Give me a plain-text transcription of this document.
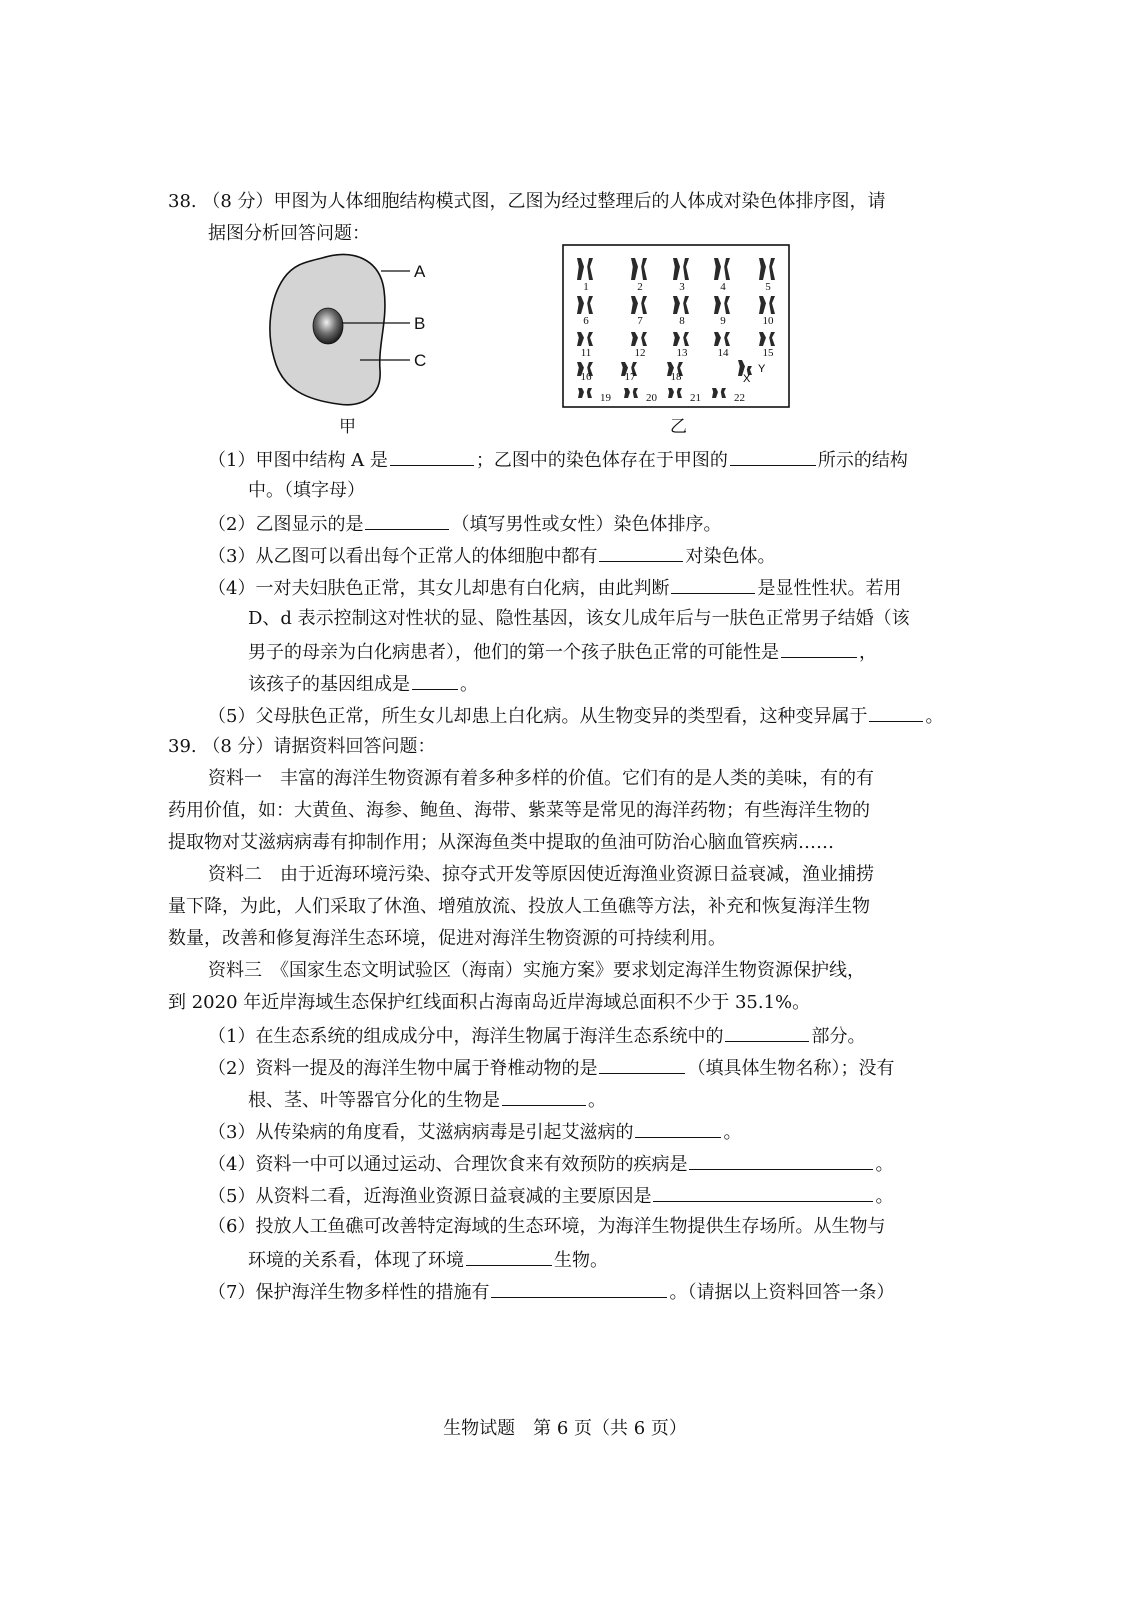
38. （8 分）甲图为人体细胞结构模式图，乙图为经过整理后的人体成对染色体排序图，请
据图分析回答问题：
A
B
C
甲
1	2	3	4	5
6	7	8	9	10
11	12	13	14	15
16	17	18	X
Y
19	20	21	22
乙
（1）甲图中结构 A 是	；乙图中的染色体存在于甲图的	所示的结构
中。（填字母）
（2）乙图显示的是	（填写男性或女性）染色体排序。
（3）从乙图可以看出每个正常人的体细胞中都有	对染色体。
（4）一对夫妇肤色正常，其女儿却患有白化病，由此判断	是显性性状。若用
D、d 表示控制这对性状的显、隐性基因，该女儿成年后与一肤色正常男子结婚（该
男子的母亲为白化病患者），他们的第一个孩子肤色正常的可能性是	，
该孩子的基因组成是	。
（5）父母肤色正常，所生女儿却患上白化病。从生物变异的类型看，这种变异属于	。
39. （8 分）请据资料回答问题：
资料一　丰富的海洋生物资源有着多种多样的价值。它们有的是人类的美味，有的有
药用价值，如：大黄鱼、海参、鲍鱼、海带、紫菜等是常见的海洋药物；有些海洋生物的
提取物对艾滋病病毒有抑制作用；从深海鱼类中提取的鱼油可防治心脑血管疾病……
资料二　由于近海环境污染、掠夺式开发等原因使近海渔业资源日益衰减，渔业捕捞
量下降，为此，人们采取了休渔、增殖放流、投放人工鱼礁等方法，补充和恢复海洋生物
数量，改善和修复海洋生态环境，促进对海洋生物资源的可持续利用。
资料三　《国家生态文明试验区（海南）实施方案》要求划定海洋生物资源保护线，
到 2020 年近岸海域生态保护红线面积占海南岛近岸海域总面积不少于 35.1%。
（1）在生态系统的组成成分中，海洋生物属于海洋生态系统中的	部分。
（2）资料一提及的海洋生物中属于脊椎动物的是	（填具体生物名称）；没有
根、茎、叶等器官分化的生物是	。
（3）从传染病的角度看，艾滋病病毒是引起艾滋病的	。
（4）资料一中可以通过运动、合理饮食来有效预防的疾病是	。
（5）从资料二看，近海渔业资源日益衰减的主要原因是	。
（6）投放人工鱼礁可改善特定海域的生态环境，为海洋生物提供生存场所。从生物与
环境的关系看，体现了环境	生物。
（7）保护海洋生物多样性的措施有	。（请据以上资料回答一条）
生物试题　第 6 页（共 6 页）
